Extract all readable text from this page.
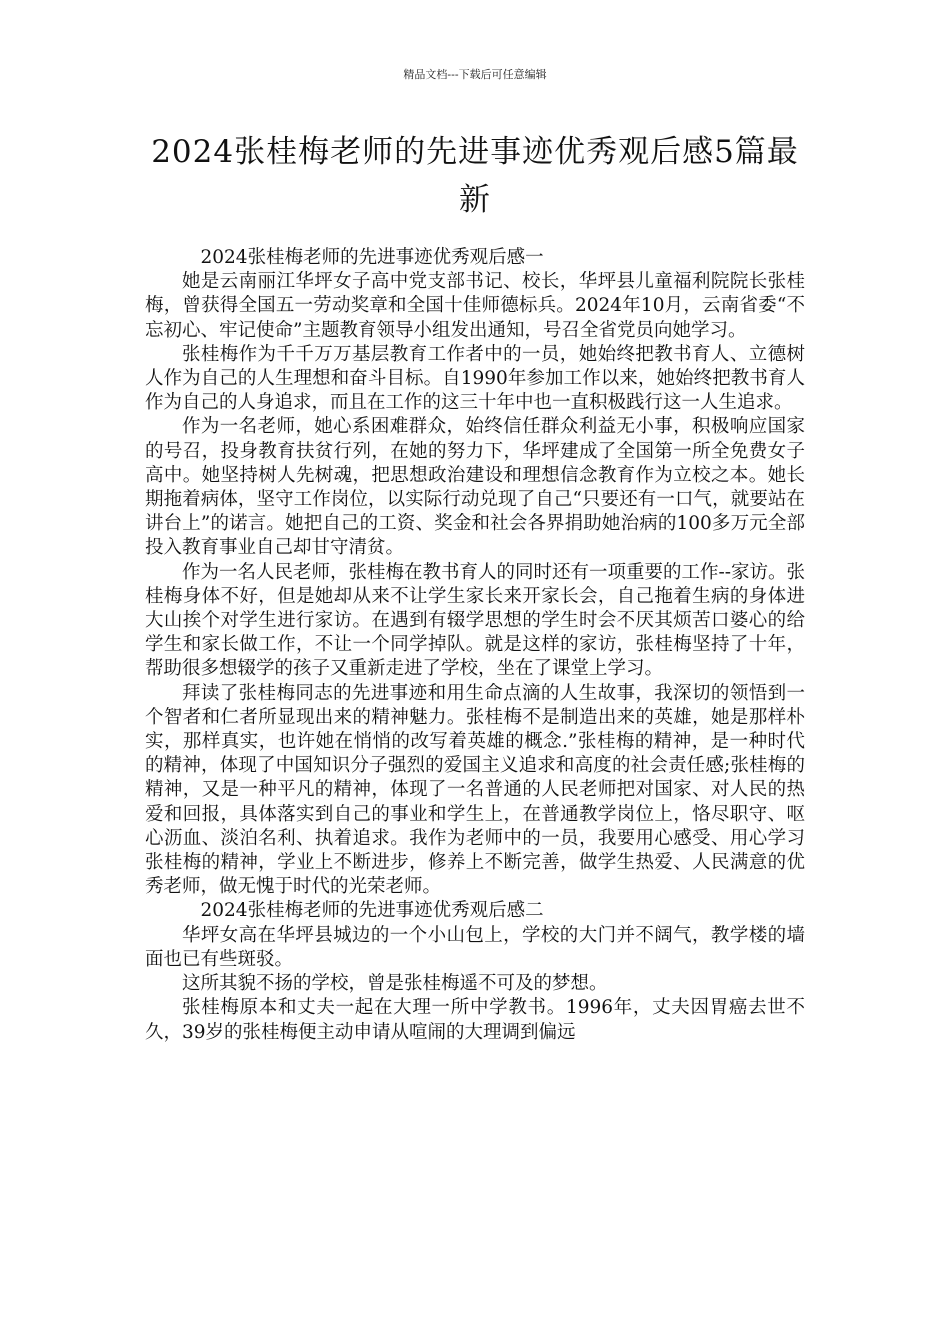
精品文档---下载后可任意编辑
2024张桂梅老师的先进事迹优秀观后感5篇最新

2024张桂梅老师的先进事迹优秀观后感一

她是云南丽江华坪女子高中党支部书记、校长，华坪县儿童福利院院长张桂梅，曾获得全国五一劳动奖章和全国十佳师德标兵。2024年10月，云南省委“不忘初心、牢记使命”主题教育领导小组发出通知，号召全省党员向她学习。

张桂梅作为千千万万基层教育工作者中的一员，她始终把教书育人、立德树人作为自己的人生理想和奋斗目标。自1990年参加工作以来，她始终把教书育人作为自己的人身追求，而且在工作的这三十年中也一直积极践行这一人生追求。

作为一名老师，她心系困难群众，始终信任群众利益无小事，积极响应国家的号召，投身教育扶贫行列，在她的努力下，华坪建成了全国第一所全免费女子高中。她坚持树人先树魂，把思想政治建设和理想信念教育作为立校之本。她长期拖着病体，坚守工作岗位，以实际行动兑现了自己“只要还有一口气，就要站在讲台上”的诺言。她把自己的工资、奖金和社会各界捐助她治病的100多万元全部投入教育事业自己却甘守清贫。

作为一名人民老师，张桂梅在教书育人的同时还有一项重要的工作--家访。张桂梅身体不好，但是她却从来不让学生家长来开家长会，自己拖着生病的身体进大山挨个对学生进行家访。在遇到有辍学思想的学生时会不厌其烦苦口婆心的给学生和家长做工作，不让一个同学掉队。就是这样的家访，张桂梅坚持了十年，帮助很多想辍学的孩子又重新走进了学校，坐在了课堂上学习。

拜读了张桂梅同志的先进事迹和用生命点滴的人生故事，我深切的领悟到一个智者和仁者所显现出来的精神魅力。张桂梅不是制造出来的英雄，她是那样朴实，那样真实，也许她在悄悄的改写着英雄的概念.”张桂梅的精神，是一种时代的精神，体现了中国知识分子强烈的爱国主义追求和高度的社会责任感;张桂梅的精神，又是一种平凡的精神，体现了一名普通的人民老师把对国家、对人民的热爱和回报，具体落实到自己的事业和学生上，在普通教学岗位上，恪尽职守、呕心沥血、淡泊名利、执着追求。我作为老师中的一员，我要用心感受、用心学习张桂梅的精神，学业上不断进步，修养上不断完善，做学生热爱、人民满意的优秀老师，做无愧于时代的光荣老师。

2024张桂梅老师的先进事迹优秀观后感二

华坪女高在华坪县城边的一个小山包上，学校的大门并不阔气，教学楼的墙面也已有些斑驳。

这所其貌不扬的学校，曾是张桂梅遥不可及的梦想。

张桂梅原本和丈夫一起在大理一所中学教书。1996年，丈夫因胃癌去世不久，39岁的张桂梅便主动申请从喧闹的大理调到偏远
